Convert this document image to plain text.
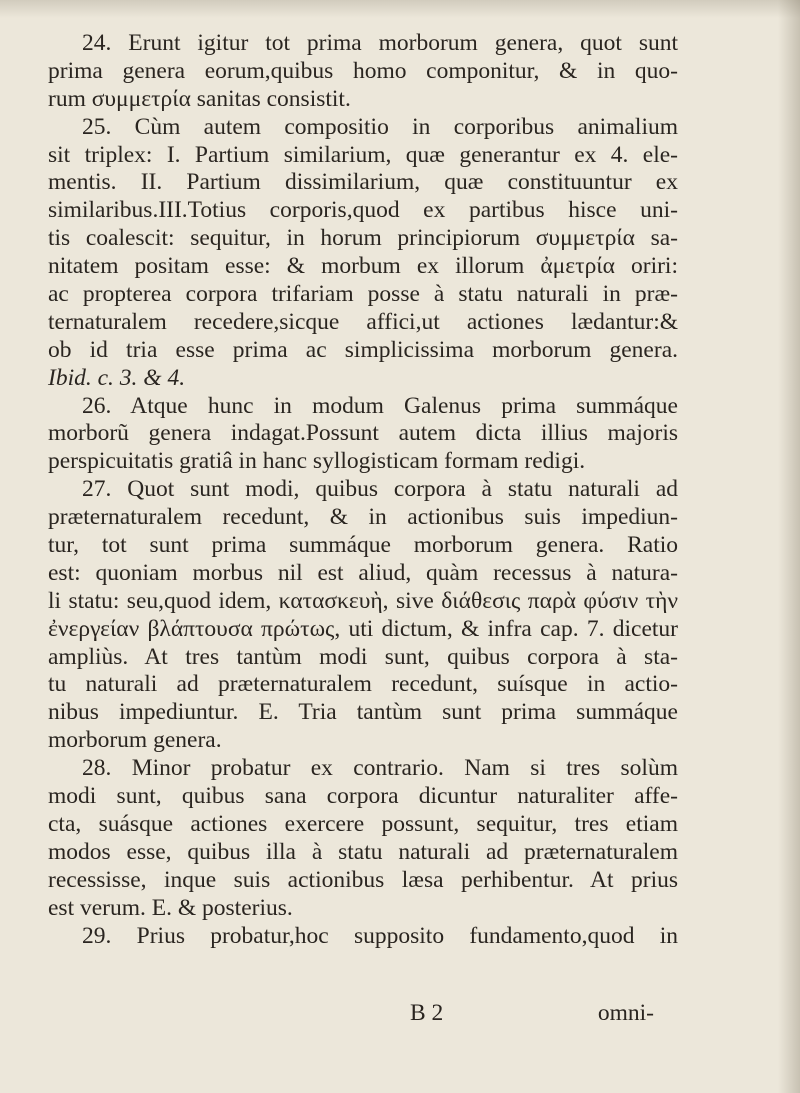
24. Erunt igitur tot prima morborum genera, quot sunt
prima genera eorum,quibus homo componitur, & in quo-
rum συμμετρία sanitas consistit.
25. Cùm autem compositio in corporibus animalium
sit triplex: I. Partium similarium, quæ generantur ex 4. ele-
mentis. II. Partium dissimilarium, quæ constituuntur ex
similaribus.III.Totius corporis,quod ex partibus hisce uni-
tis coalescit: sequitur, in horum principiorum συμμετρία sa-
nitatem positam esse: & morbum ex illorum ἀμετρία oriri:
ac propterea corpora trifariam posse à statu naturali in præ-
ternaturalem recedere,sicque affici,ut actiones lædantur:&
ob id tria esse prima ac simplicissima morborum genera.
Ibid. c. 3. & 4.
26. Atque hunc in modum Galenus prima summáque
morborũ genera indagat.Possunt autem dicta illius majoris
perspicuitatis gratiâ in hanc syllogisticam formam redigi.
27. Quot sunt modi, quibus corpora à statu naturali ad
præternaturalem recedunt, & in actionibus suis impediun-
tur, tot sunt prima summáque morborum genera. Ratio
est: quoniam morbus nil est aliud, quàm recessus à natura-
li statu: seu,quod idem, κατασκευὴ, sive διάθεσις παρὰ φύσιν τὴν
ἐνεργείαν βλάπτουσα πρώτως, uti dictum, & infra cap. 7. dicetur
ampliùs. At tres tantùm modi sunt, quibus corpora à sta-
tu naturali ad præternaturalem recedunt, suísque in actio-
nibus impediuntur. E. Tria tantùm sunt prima summáque
morborum genera.
28. Minor probatur ex contrario. Nam si tres solùm
modi sunt, quibus sana corpora dicuntur naturaliter affe-
cta, suásque actiones exercere possunt, sequitur, tres etiam
modos esse, quibus illa à statu naturali ad præternaturalem
recessisse, inque suis actionibus læsa perhibentur. At prius
est verum. E. & posterius.
29. Prius probatur,hoc supposito fundamento,quod in
B 2	omni-
